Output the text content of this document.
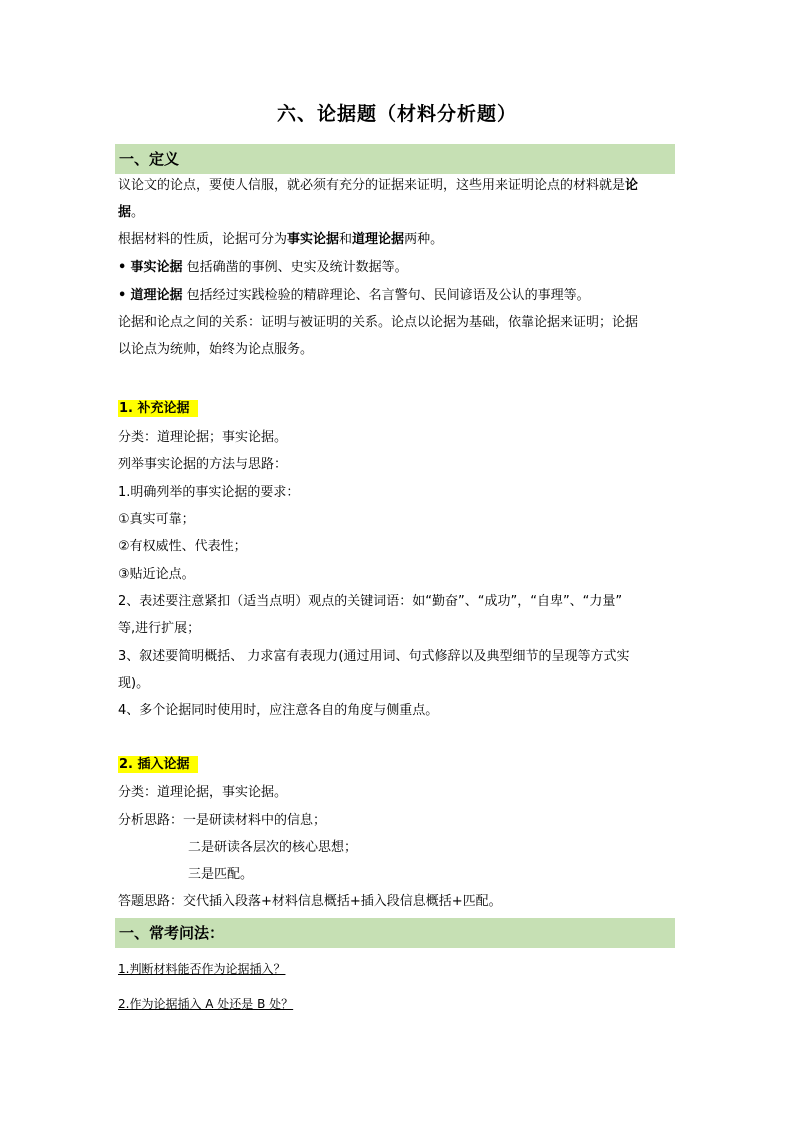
六、论据题（材料分析题）
一、定义
议论文的论点，要使人信服，就必须有充分的证据来证明，这些用来证明论点的材料就是论
据。
根据材料的性质，论据可分为事实论据和道理论据两种。
• 事实论据 包括确凿的事例、史实及统计数据等。
• 道理论据 包括经过实践检验的精辟理论、名言警句、民间谚语及公认的事理等。
论据和论点之间的关系：证明与被证明的关系。论点以论据为基础，依靠论据来证明；论据
以论点为统帅，始终为论点服务。
1. 补充论据
分类：道理论据；事实论据。
列举事实论据的方法与思路：
1.明确列举的事实论据的要求：
①真实可靠；
②有权威性、代表性；
③贴近论点。
2、表述要注意紧扣（适当点明）观点的关键词语：如“勤奋”、“成功”，“自卑”、“力量”
等,进行扩展；
3、叙述要简明概括、 力求富有表现力(通过用词、句式修辞以及典型细节的呈现等方式实
现)。
4、多个论据同时使用时，应注意各自的角度与侧重点。
2. 插入论据
分类：道理论据，事实论据。
分析思路：一是研读材料中的信息；
二是研读各层次的核心思想；
三是匹配。
答题思路：交代插入段落+材料信息概括+插入段信息概括+匹配。
一、常考问法：
1.判断材料能否作为论据插入？
2.作为论据插入 A 处还是 B 处？
